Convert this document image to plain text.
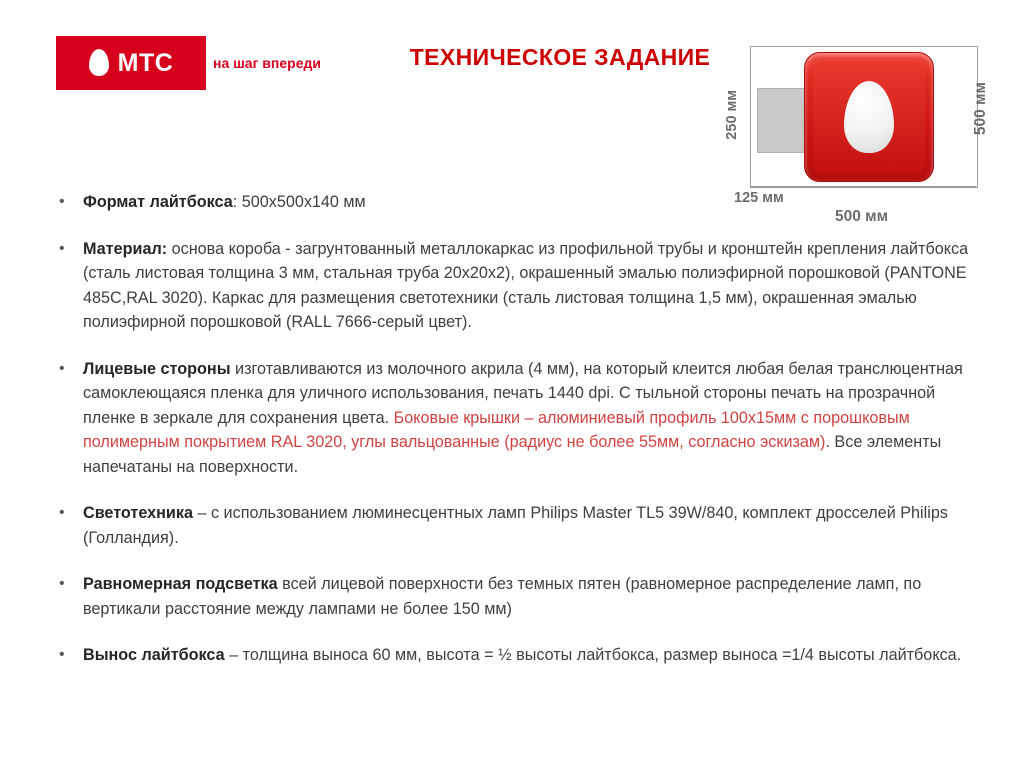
МТС	на шаг впереди	ТЕХНИЧЕСКОЕ ЗАДАНИЕ
250 мм	500 мм
125 мм
500 мм
•	Формат лайтбокса: 500х500х140 мм
•	Материал: основа короба - загрунтованный металлокаркас из профильной трубы и кронштейн крепления лайтбокса (сталь листовая толщина 3 мм, стальная труба 20х20х2), окрашенный эмалью полиэфирной порошковой (PANTONE 485C,RAL 3020). Каркас для размещения светотехники (сталь листовая толщина 1,5 мм), окрашенная эмалью полиэфирной порошковой (RALL 7666-серый цвет).
•	Лицевые стороны изготавливаются из молочного акрила (4 мм), на который клеится любая белая транслюцентная самоклеющаяся пленка для уличного использования, печать 1440 dpi. С тыльной стороны печать на прозрачной пленке в зеркале для сохранения цвета. Боковые крышки – алюминиевый профиль 100х15мм с порошковым полимерным покрытием RAL 3020, углы вальцованные (радиус не более 55мм, согласно эскизам). Все элементы напечатаны на поверхности.
•	Светотехника – с использованием люминесцентных ламп Philips Master TL5 39W/840, комплект дросселей Philips (Голландия).
•	Равномерная подсветка всей лицевой поверхности без темных пятен (равномерное распределение ламп, по вертикали расстояние между лампами не более 150 мм)
•	Вынос лайтбокса – толщина выноса 60 мм, высота = ½ высоты лайтбокса, размер выноса =1/4 высоты лайтбокса.
